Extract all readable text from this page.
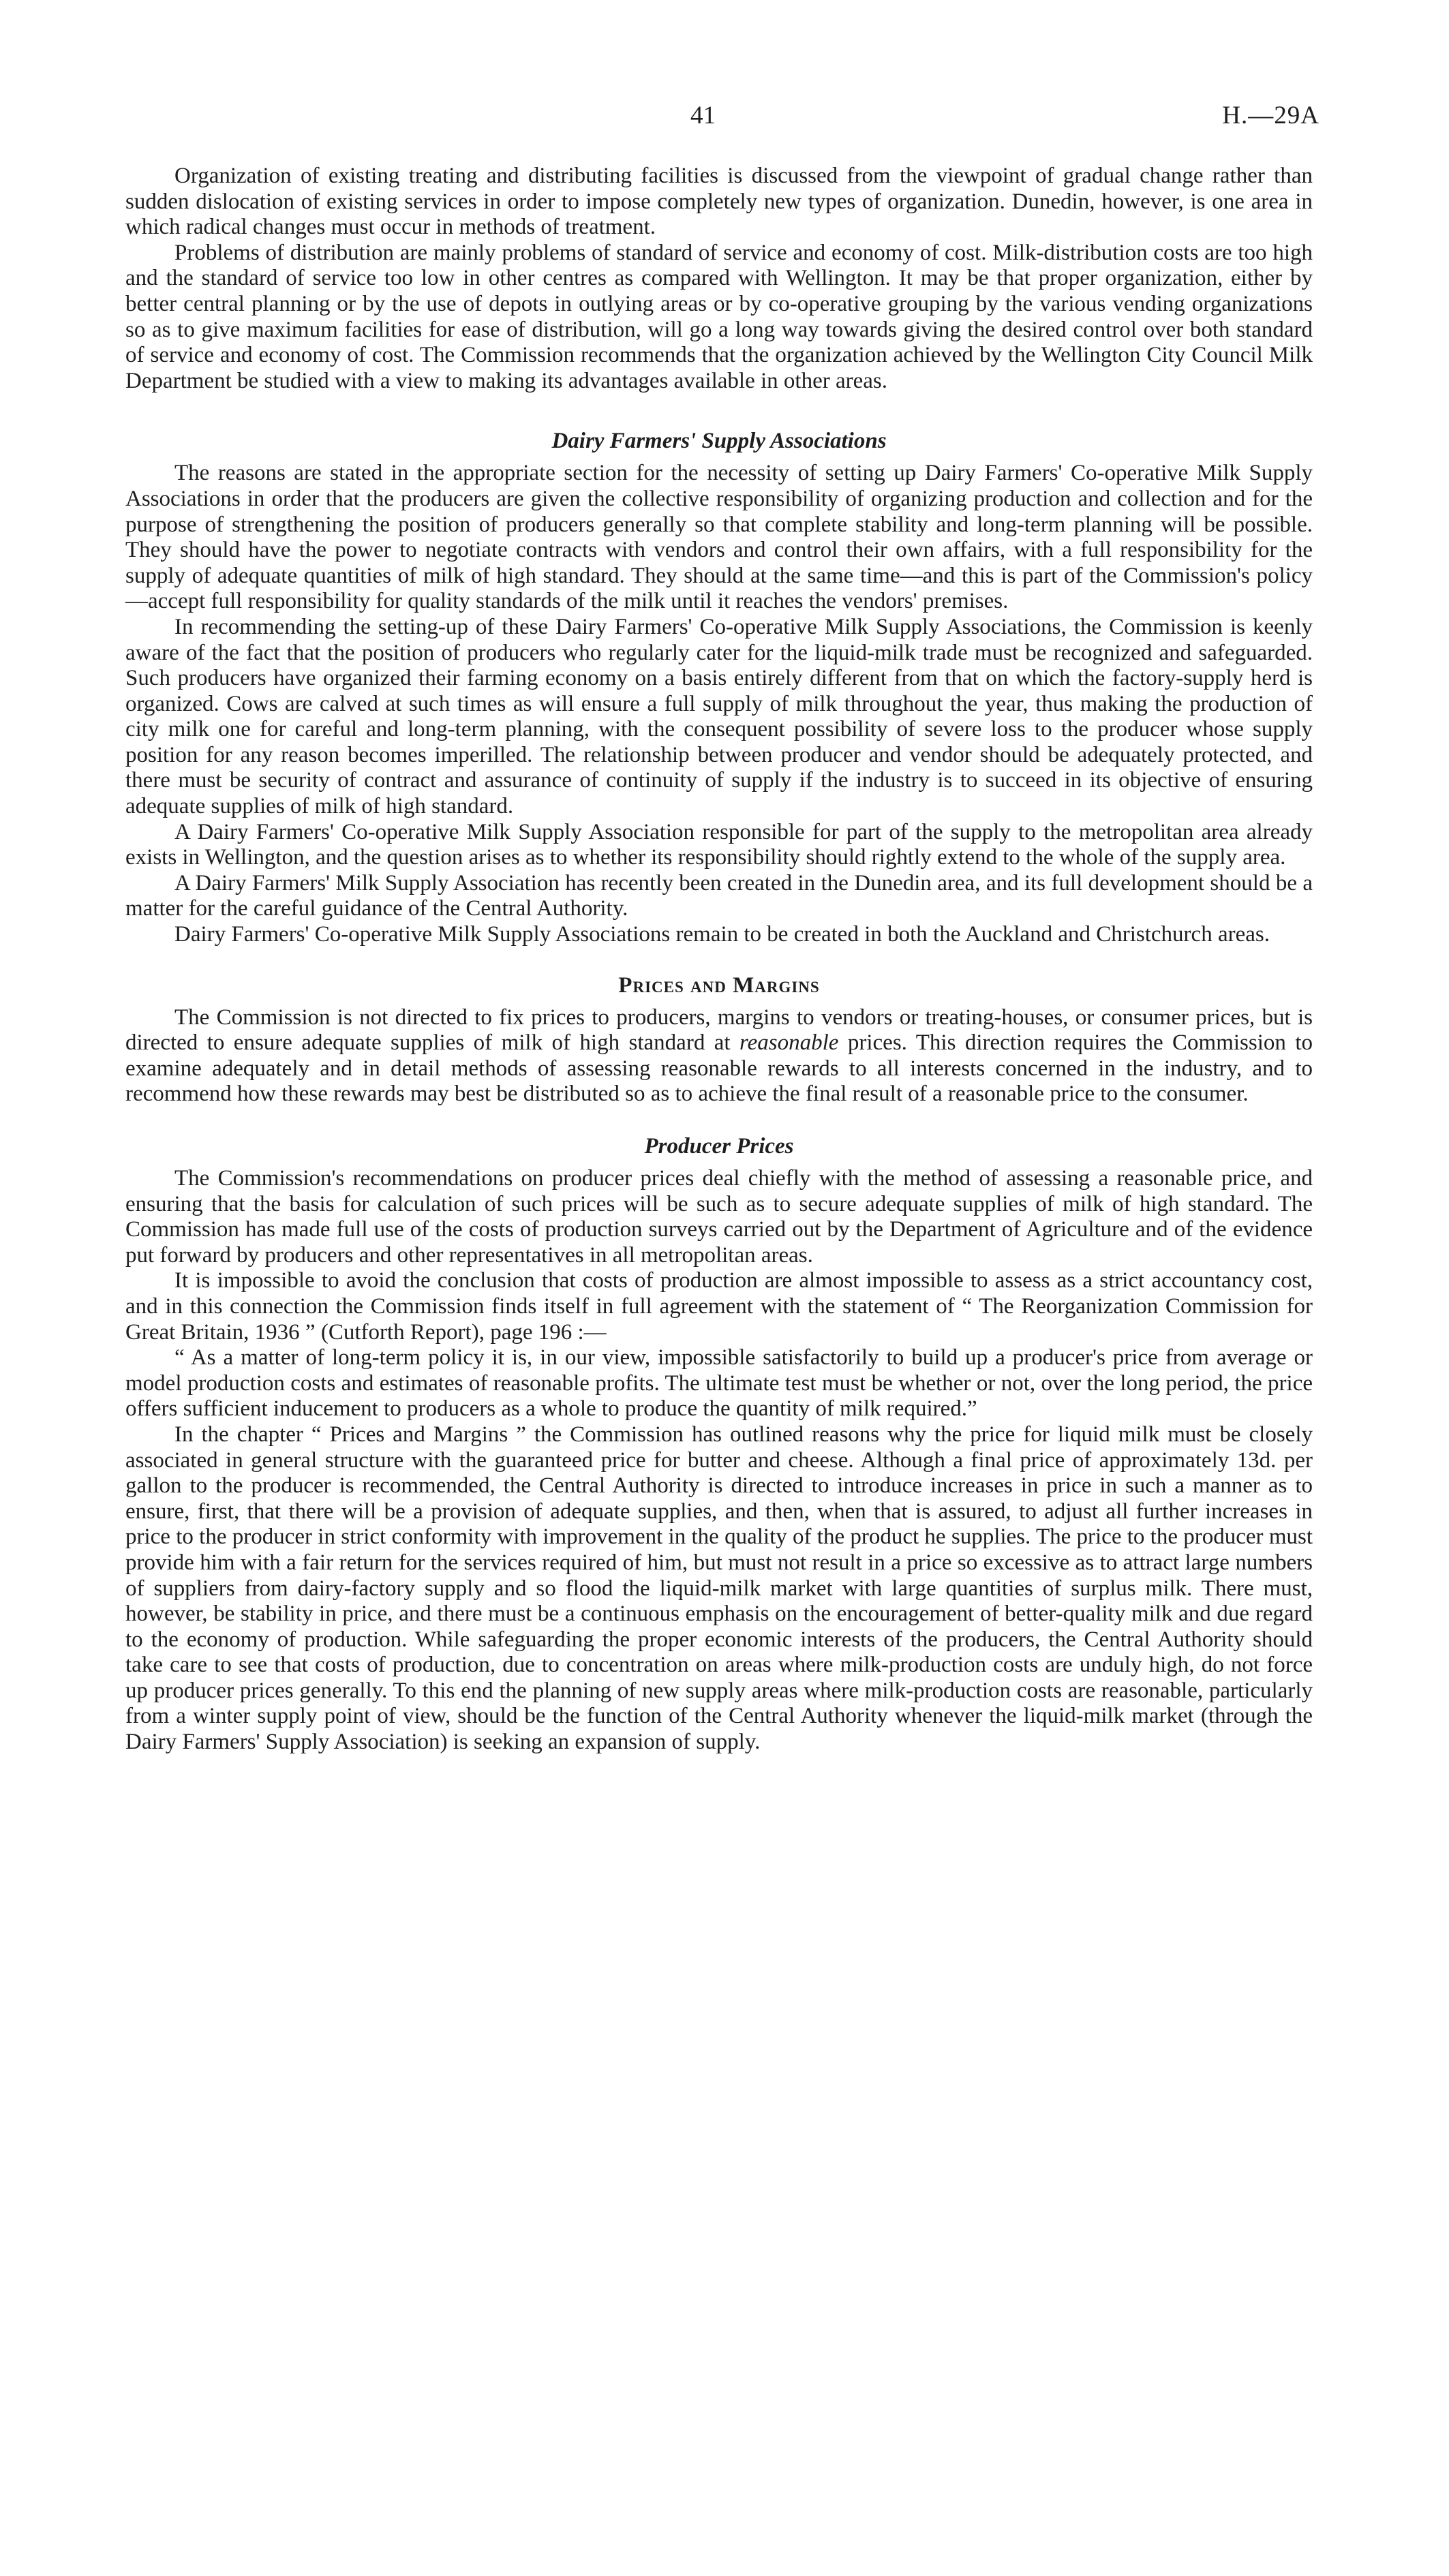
41	H.—29A

Organization of existing treating and distributing facilities is discussed from the viewpoint of gradual change rather than sudden dislocation of existing services in order to impose completely new types of organization. Dunedin, however, is one area in which radical changes must occur in methods of treatment.

Problems of distribution are mainly problems of standard of service and economy of cost. Milk-distribution costs are too high and the standard of service too low in other centres as compared with Wellington. It may be that proper organization, either by better central planning or by the use of depots in outlying areas or by co-operative grouping by the various vending organizations so as to give maximum facilities for ease of distribution, will go a long way towards giving the desired control over both standard of service and economy of cost. The Commission recommends that the organization achieved by the Wellington City Council Milk Department be studied with a view to making its advantages available in other areas.

Dairy Farmers' Supply Associations

The reasons are stated in the appropriate section for the necessity of setting up Dairy Farmers' Co-operative Milk Supply Associations in order that the producers are given the collective responsibility of organizing production and collection and for the purpose of strengthening the position of producers generally so that complete stability and long-term planning will be possible. They should have the power to negotiate contracts with vendors and control their own affairs, with a full responsibility for the supply of adequate quantities of milk of high standard. They should at the same time—and this is part of the Commission's policy—accept full responsibility for quality standards of the milk until it reaches the vendors' premises.

In recommending the setting-up of these Dairy Farmers' Co-operative Milk Supply Associations, the Commission is keenly aware of the fact that the position of producers who regularly cater for the liquid-milk trade must be recognized and safeguarded. Such producers have organized their farming economy on a basis entirely different from that on which the factory-supply herd is organized. Cows are calved at such times as will ensure a full supply of milk throughout the year, thus making the production of city milk one for careful and long-term planning, with the consequent possibility of severe loss to the producer whose supply position for any reason becomes imperilled. The relationship between producer and vendor should be adequately protected, and there must be security of contract and assurance of continuity of supply if the industry is to succeed in its objective of ensuring adequate supplies of milk of high standard.

A Dairy Farmers' Co-operative Milk Supply Association responsible for part of the supply to the metropolitan area already exists in Wellington, and the question arises as to whether its responsibility should rightly extend to the whole of the supply area.

A Dairy Farmers' Milk Supply Association has recently been created in the Dunedin area, and its full development should be a matter for the careful guidance of the Central Authority.

Dairy Farmers' Co-operative Milk Supply Associations remain to be created in both the Auckland and Christchurch areas.

Prices and Margins

The Commission is not directed to fix prices to producers, margins to vendors or treating-houses, or consumer prices, but is directed to ensure adequate supplies of milk of high standard at reasonable prices. This direction requires the Commission to examine adequately and in detail methods of assessing reasonable rewards to all interests concerned in the industry, and to recommend how these rewards may best be distributed so as to achieve the final result of a reasonable price to the consumer.

Producer Prices

The Commission's recommendations on producer prices deal chiefly with the method of assessing a reasonable price, and ensuring that the basis for calculation of such prices will be such as to secure adequate supplies of milk of high standard. The Commission has made full use of the costs of production surveys carried out by the Department of Agriculture and of the evidence put forward by producers and other representatives in all metropolitan areas.

It is impossible to avoid the conclusion that costs of production are almost impossible to assess as a strict accountancy cost, and in this connection the Commission finds itself in full agreement with the statement of “ The Reorganization Commission for Great Britain, 1936 ” (Cutforth Report), page 196 :—

“ As a matter of long-term policy it is, in our view, impossible satisfactorily to build up a producer's price from average or model production costs and estimates of reasonable profits. The ultimate test must be whether or not, over the long period, the price offers sufficient inducement to producers as a whole to produce the quantity of milk required.”

In the chapter “ Prices and Margins ” the Commission has outlined reasons why the price for liquid milk must be closely associated in general structure with the guaranteed price for butter and cheese. Although a final price of approximately 13d. per gallon to the producer is recommended, the Central Authority is directed to introduce increases in price in such a manner as to ensure, first, that there will be a provision of adequate supplies, and then, when that is assured, to adjust all further increases in price to the producer in strict conformity with improvement in the quality of the product he supplies. The price to the producer must provide him with a fair return for the services required of him, but must not result in a price so excessive as to attract large numbers of suppliers from dairy-factory supply and so flood the liquid-milk market with large quantities of surplus milk. There must, however, be stability in price, and there must be a continuous emphasis on the encouragement of better-quality milk and due regard to the economy of production. While safeguarding the proper economic interests of the producers, the Central Authority should take care to see that costs of production, due to concentration on areas where milk-production costs are unduly high, do not force up producer prices generally. To this end the planning of new supply areas where milk-production costs are reasonable, particularly from a winter supply point of view, should be the function of the Central Authority whenever the liquid-milk market (through the Dairy Farmers' Supply Association) is seeking an expansion of supply.
